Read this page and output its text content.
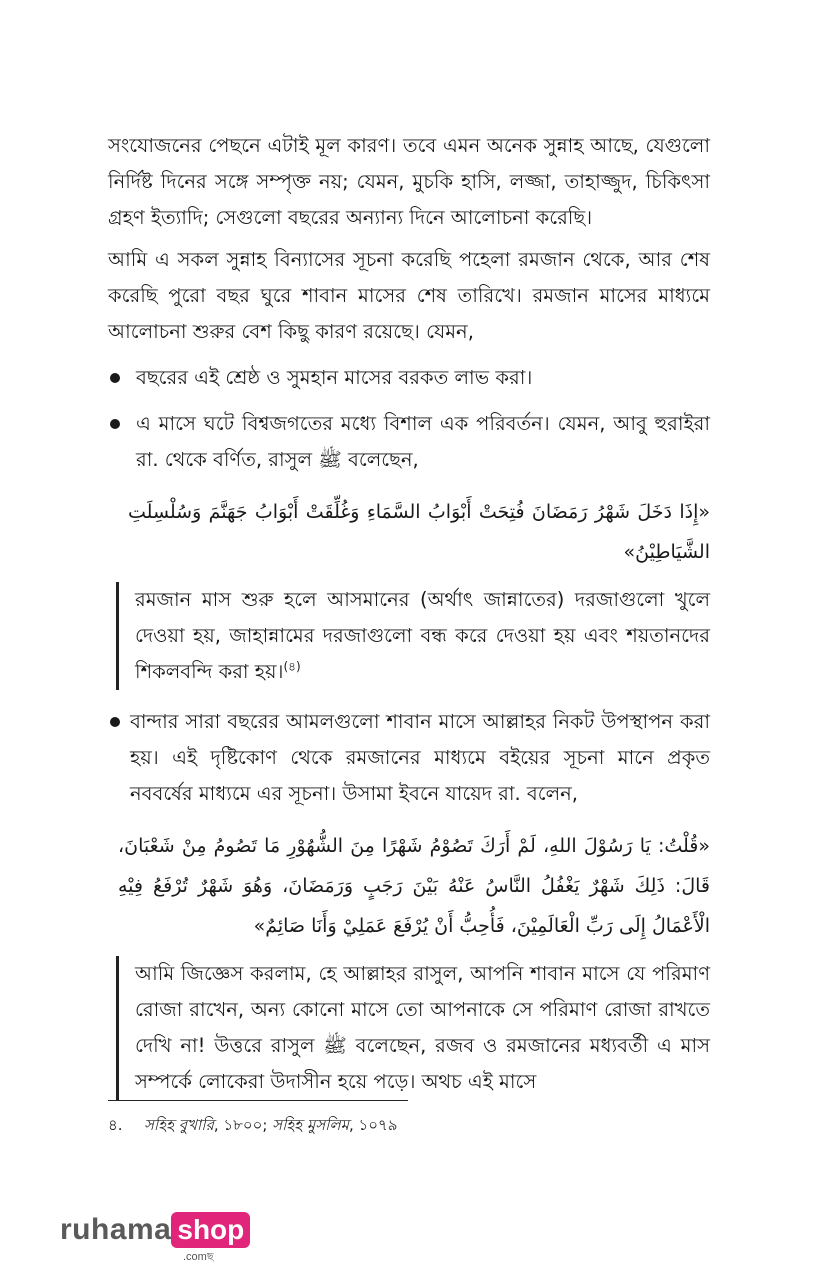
সংযোজনের পেছনে এটাই মূল কারণ। তবে এমন অনেক সুন্নাহ আছে, যেগুলো নির্দিষ্ট দিনের সঙ্গে সম্পৃক্ত নয়; যেমন, মুচকি হাসি, লজ্জা, তাহাজ্জুদ, চিকিৎসা গ্রহণ ইত্যাদি; সেগুলো বছরের অন্যান্য দিনে আলোচনা করেছি।

আমি এ সকল সুন্নাহ বিন্যাসের সূচনা করেছি পহেলা রমজান থেকে, আর শেষ করেছি পুরো বছর ঘুরে শাবান মাসের শেষ তারিখে। রমজান মাসের মাধ্যমে আলোচনা শুরুর বেশ কিছু কারণ রয়েছে। যেমন,

বছরের এই শ্রেষ্ঠ ও সুমহান মাসের বরকত লাভ করা।

এ মাসে ঘটে বিশ্বজগতের মধ্যে বিশাল এক পরিবর্তন। যেমন, আবু হুরাইরা রা. থেকে বর্ণিত, রাসুল ﷺ বলেছেন,

«إِذَا دَخَلَ شَهْرُ رَمَضَانَ فُتِحَتْ أَبْوَابُ السَّمَاءِ وَغُلِّقَتْ أَبْوَابُ جَهَنَّمَ وَسُلْسِلَتِ الشَّيَاطِيْنُ»

রমজান মাস শুরু হলে আসমানের (অর্থাৎ জান্নাতের) দরজাগুলো খুলে দেওয়া হয়, জাহান্নামের দরজাগুলো বন্ধ করে দেওয়া হয় এবং শয়তানদের শিকলবন্দি করা হয়।$^{(৪)}$

বান্দার সারা বছরের আমলগুলো শাবান মাসে আল্লাহর নিকট উপস্থাপন করা হয়। এই দৃষ্টিকোণ থেকে রমজানের মাধ্যমে বইয়ের সূচনা মানে প্রকৃত নববর্ষের মাধ্যমে এর সূচনা। উসামা ইবনে যায়েদ রা. বলেন,

«قُلْتُ: يَا رَسُوْلَ اللهِ، لَمْ أَرَكَ تَصُوْمُ شَهْرًا مِنَ الشُّهُوْرِ مَا تَصُومُ مِنْ شَعْبَانَ، قَالَ: ذَلِكَ شَهْرٌ يَغْفُلُ النَّاسُ عَنْهُ بَيْنَ رَجَبٍ وَرَمَضَانَ، وَهُوَ شَهْرٌ تُرْفَعُ فِيْهِ الْأَعْمَالُ إِلَى رَبِّ الْعَالَمِيْنَ، فَأُحِبُّ أَنْ يُرْفَعَ عَمَلِيْ وَأَنَا صَائِمٌ»

আমি জিজ্ঞেস করলাম, হে আল্লাহর রাসুল, আপনি শাবান মাসে যে পরিমাণ রোজা রাখেন, অন্য কোনো মাসে তো আপনাকে সে পরিমাণ রোজা রাখতে দেখি না! উত্তরে রাসুল ﷺ বলেছেন, রজব ও রমজানের মধ্যবর্তী এ মাস সম্পর্কে লোকেরা উদাসীন হয়ে পড়ে। অথচ এই মাসে

৪. সহিহ বুখারি, ১৮০০; সহিহ মুসলিম, ১০৭৯
ruhama shop
.comছ
